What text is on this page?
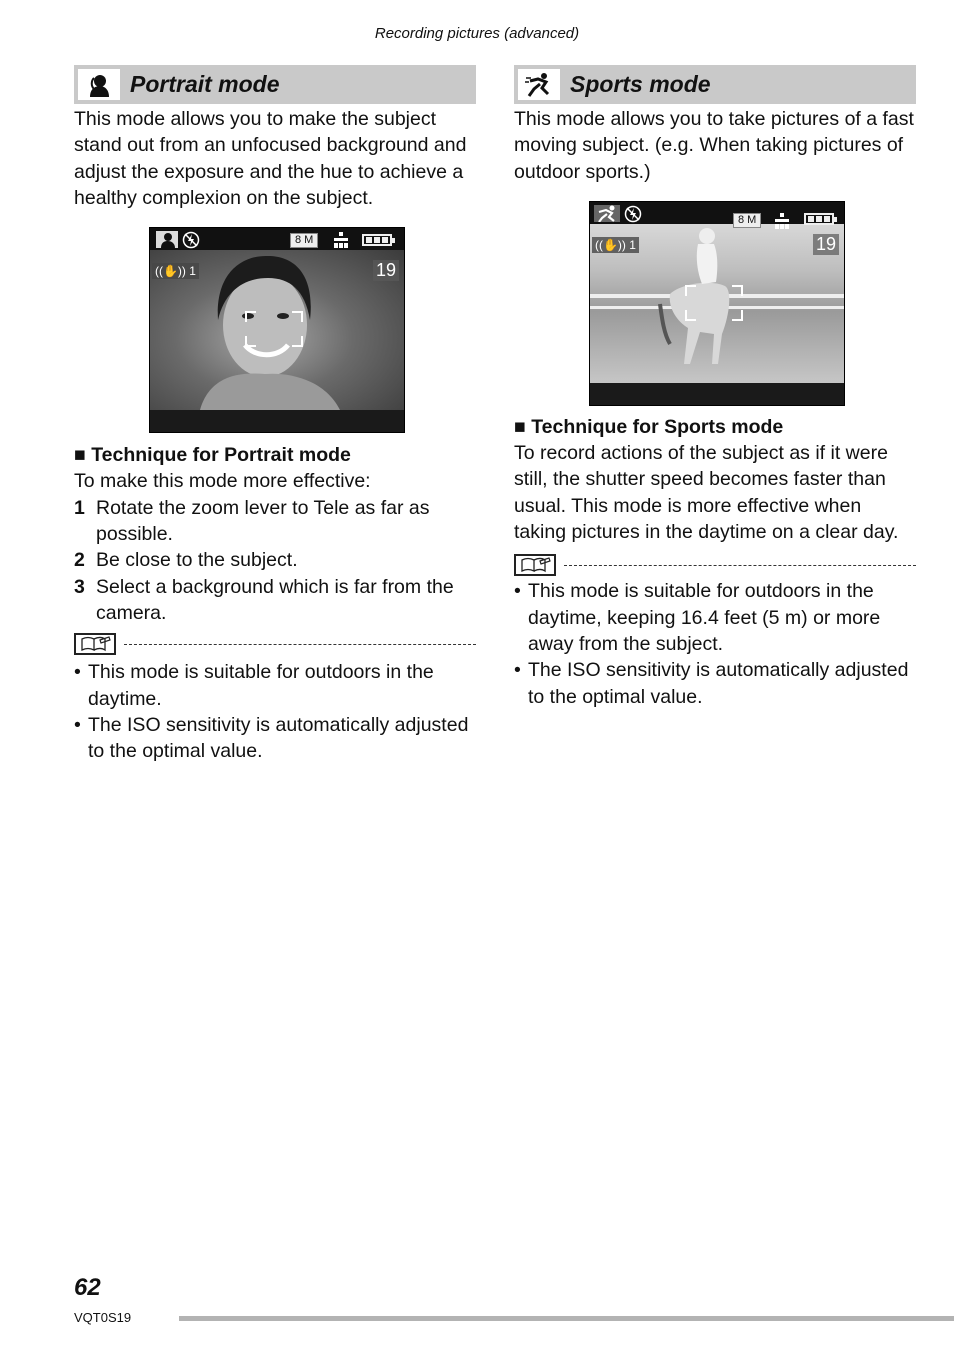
Recording pictures (advanced)
Portrait mode

This mode allows you to make the subject stand out from an unfocused background and adjust the exposure and the hue to achieve a healthy complexion on the subject.

8 M
((✋)) 1	19

■ Technique for Portrait mode

To make this mode more effective:

1 Rotate the zoom lever to Tele as far as possible.
2 Be close to the subject.
3 Select a background which is far from the camera.
• This mode is suitable for outdoors in the daytime.
• The ISO sensitivity is automatically adjusted to the optimal value.
Sports mode

This mode allows you to take pictures of a fast moving subject. (e.g. When taking pictures of outdoor sports.)

8 M
((✋)) 1	19

■ Technique for Sports mode

To record actions of the subject as if it were still, the shutter speed becomes faster than usual. This mode is more effective when taking pictures in the daytime on a clear day.

• This mode is suitable for outdoors in the daytime, keeping 16.4 feet (5 m) or more away from the subject.
• The ISO sensitivity is automatically adjusted to the optimal value.
62
VQT0S19
